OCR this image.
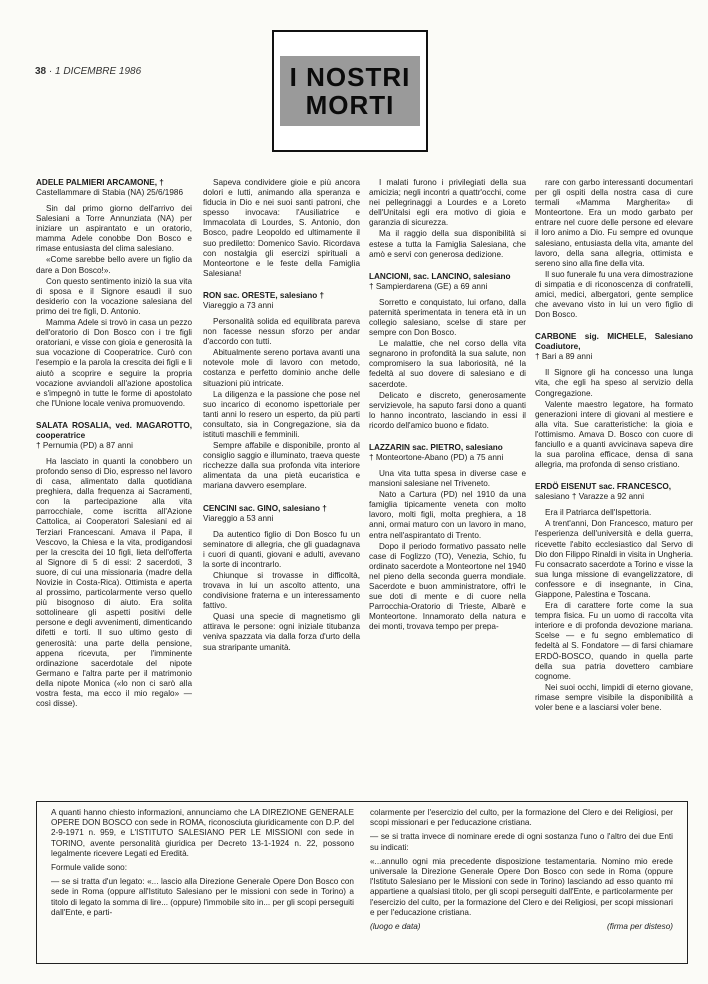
38 · 1 DICEMBRE 1986	I NOSTRI
MORTI
ADELE PALMIERI ARCAMONE, †
Castellammare di Stabia (NA) 25/6/1986

Sin dal primo giorno dell'arrivo dei Salesiani a Torre Annunziata (NA) per iniziare un aspirantato e un oratorio, mamma Adele conobbe Don Bosco e rimase entusiasta del clima salesiano.

«Come sarebbe bello avere un figlio da dare a Don Bosco!».

Con questo sentimento iniziò la sua vita di sposa e il Signore esaudì il suo desiderio con la vocazione salesiana del primo dei tre figli, D. Antonio.

Mamma Adele si trovò in casa un pezzo dell'oratorio di Don Bosco con i tre figli oratoriani, e visse con gioia e generosità la sua vocazione di Cooperatrice. Curò con l'esempio e la parola la crescita dei figli e li aiutò a scoprire e seguire la propria vocazione avviandoli all'azione apostolica e s'impegnò in tutte le forme di apostolato che l'Unione locale veniva promuovendo.

SALATA ROSALIA, ved. MAGAROTTO, cooperatrice
† Pernumia (PD) a 87 anni

Ha lasciato in quanti la conobbero un profondo senso di Dio, espresso nel lavoro di casa, alimentato dalla quotidiana preghiera, dalla frequenza ai Sacramenti, con la partecipazione alla vita parrocchiale, come iscritta all'Azione Cattolica, ai Cooperatori Salesiani ed ai Terziari Francescani. Amava il Papa, il Vescovo, la Chiesa e la vita, prodigandosi per la crescita dei 10 figli, lieta dell'offerta al Signore di 5 di essi: 2 sacerdoti, 3 suore, di cui una missionaria (madre della Novizie in Costa-Rica). Ottimista e aperta al prossimo, particolarmente verso quello più bisognoso di aiuto. Era solita sottolineare gli aspetti positivi delle persone e degli avvenimenti, dimenticando difetti e torti. Il suo ultimo gesto di generosità: una parte della pensione, appena ricevuta, per l'imminente ordinazione sacerdotale del nipote Germano e l'altra parte per il matrimonio della nipote Monica («lo non ci sarò alla vostra festa, ma ecco il mio regalo» — così disse).

Sapeva condividere gioie e più ancora dolori e lutti, animando alla speranza e fiducia in Dio e nei suoi santi patroni, che spesso invocava: l'Ausiliatrice e Immacolata di Lourdes, S. Antonio, don Bosco, padre Leopoldo ed ultimamente il suo prediletto: Domenico Savio. Ricordava con nostalgia gli esercizi spirituali a Monteortone e le feste della Famiglia Salesiana!

RON sac. ORESTE, salesiano †
Viareggio a 73 anni

Personalità solida ed equilibrata pareva non facesse nessun sforzo per andar d'accordo con tutti.

Abitualmente sereno portava avanti una notevole mole di lavoro con metodo, costanza e perfetto dominio anche delle situazioni più intricate.

La diligenza e la passione che pose nel suo incarico di economo ispettoriale per tanti anni lo resero un esperto, da più parti consultato, sia in Congregazione, sia da istituti maschili e femminili.

Sempre affabile e disponibile, pronto al consiglio saggio e illuminato, traeva queste ricchezze dalla sua profonda vita interiore alimentata da una pietà eucaristica e mariana davvero esemplare.

CENCINI sac. GINO, salesiano †
Viareggio a 53 anni

Da autentico figlio di Don Bosco fu un seminatore di allegria, che gli guadagnava i cuori di quanti, giovani e adulti, avevano la sorte di incontrarlo.

Chiunque si trovasse in difficoltà, trovava in lui un ascolto attento, una condivisione fraterna e un interessamento fattivo.

Quasi una specie di magnetismo gli attirava le persone: ogni iniziale titubanza veniva spazzata via dalla forza d'urto della sua straripante umanità.

I malati furono i privilegiati della sua amicizia; negli incontri a quattr'occhi, come nei pellegrinaggi a Lourdes e a Loreto dell'Unitalsi egli era motivo di gioia e garanzia di sicurezza.

Ma il raggio della sua disponibilità si estese a tutta la Famiglia Salesiana, che amò e servì con generosa dedizione.

LANCIONI, sac. LANCINO, salesiano
† Sampierdarena (GE) a 69 anni

Sorretto e conquistato, lui orfano, dalla paternità sperimentata in tenera età in un collegio salesiano, scelse di stare per sempre con Don Bosco.

Le malattie, che nel corso della vita segnarono in profondità la sua salute, non compromisero la sua laboriosità, né la fedeltà al suo dovere di salesiano e di sacerdote.

Delicato e discreto, generosamente servizievole, ha saputo farsi dono a quanti lo hanno incontrato, lasciando in essi il ricordo dell'amico buono e fidato.

LAZZARIN sac. PIETRO, salesiano
† Monteortone-Abano (PD) a 75 anni

Una vita tutta spesa in diverse case e mansioni salesiane nel Triveneto.

Nato a Cartura (PD) nel 1910 da una famiglia tipicamente veneta con molto lavoro, molti figli, molta preghiera, a 18 anni, ormai maturo con un lavoro in mano, entra nell'aspirantato di Trento.

Dopo il periodo formativo passato nelle case di Foglizzo (TO), Venezia, Schio, fu ordinato sacerdote a Monteortone nel 1940 nel pieno della seconda guerra mondiale. Sacerdote e buon amministratore, offrì le sue doti di mente e di cuore nella Parrocchia-Oratorio di Trieste, Albarè e Monteortone. Innamorato della natura e dei monti, trovava tempo per prepa-

rare con garbo interessanti documentari per gli ospiti della nostra casa di cure termali «Mamma Margherita» di Monteortone. Era un modo garbato per entrare nel cuore delle persone ed elevare il loro animo a Dio. Fu sempre ed ovunque salesiano, entusiasta della vita, amante del lavoro, della sana allegria, ottimista e sereno sino alla fine della vita.

Il suo funerale fu una vera dimostrazione di simpatia e di riconoscenza di confratelli, amici, medici, albergatori, gente semplice che avevano visto in lui un vero figlio di Don Bosco.

CARBONE sig. MICHELE, Salesiano Coadiutore,
† Bari a 89 anni

Il Signore gli ha concesso una lunga vita, che egli ha speso al servizio della Congregazione.

Valente maestro legatore, ha formato generazioni intere di giovani al mestiere e alla vita. Sue caratteristiche: la gioia e l'ottimismo. Amava D. Bosco con cuore di fanciullo e a quanti avvicinava sapeva dire la sua parolina efficace, densa di sana allegria, ma profonda di senso cristiano.

ERDÖ EISENUT sac. FRANCESCO,
salesiano † Varazze a 92 anni

Era il Patriarca dell'Ispettoria.

A trent'anni, Don Francesco, maturo per l'esperienza dell'università e della guerra, ricevette l'abito ecclesiastico dal Servo di Dio don Filippo Rinaldi in visita in Ungheria. Fu consacrato sacerdote a Torino e visse la sua lunga missione di evangelizzatore, di confessore e di insegnante, in Cina, Giappone, Palestina e Toscana.

Era di carattere forte come la sua tempra fisica. Fu un uomo di raccolta vita interiore e di profonda devozione mariana. Scelse — e fu segno emblematico di fedeltà al S. Fondatore — di farsi chiamare ERDÖ-BOSCO, quando in quella parte della sua patria dovettero cambiare cognome.

Nei suoi occhi, limpidi di eterno giovane, rimase sempre visibile la disponibilità a voler bene e a lasciarsi voler bene.

A quanti hanno chiesto informazioni, annunciamo che LA DIREZIONE GENERALE OPERE DON BOSCO con sede in ROMA, riconosciuta giuridicamente con D.P. del 2-9-1971 n. 959, e L'ISTITUTO SALESIANO PER LE MISSIONI con sede in TORINO, avente personalità giuridica per Decreto 13-1-1924 n. 22, possono legalmente ricevere Legati ed Eredità.

Formule valide sono:

— se si tratta d'un legato: «... lascio alla Direzione Generale Opere Don Bosco con sede in Roma (oppure all'Istituto Salesiano per le missioni con sede in Torino) a titolo di legato la somma di lire... (oppure) l'immobile sito in... per gli scopi perseguiti dall'Ente, e parti-

colarmente per l'esercizio del culto, per la formazione del Clero e dei Religiosi, per scopi missionari e per l'educazione cristiana.

— se si tratta invece di nominare erede di ogni sostanza l'uno o l'altro dei due Enti su indicati:

«...annullo ogni mia precedente disposizione testamentaria. Nomino mio erede universale la Direzione Generale Opere Don Bosco con sede in Roma (oppure l'Istituto Salesiano per le Missioni con sede in Torino) lasciando ad esso quanto mi appartiene a qualsiasi titolo, per gli scopi perseguiti dall'Ente, e particolarmente per l'esercizio del culto, per la formazione del Clero e dei Religiosi, per scopi missionari e per l'educazione cristiana.

(luogo e data)	(firma per disteso)
